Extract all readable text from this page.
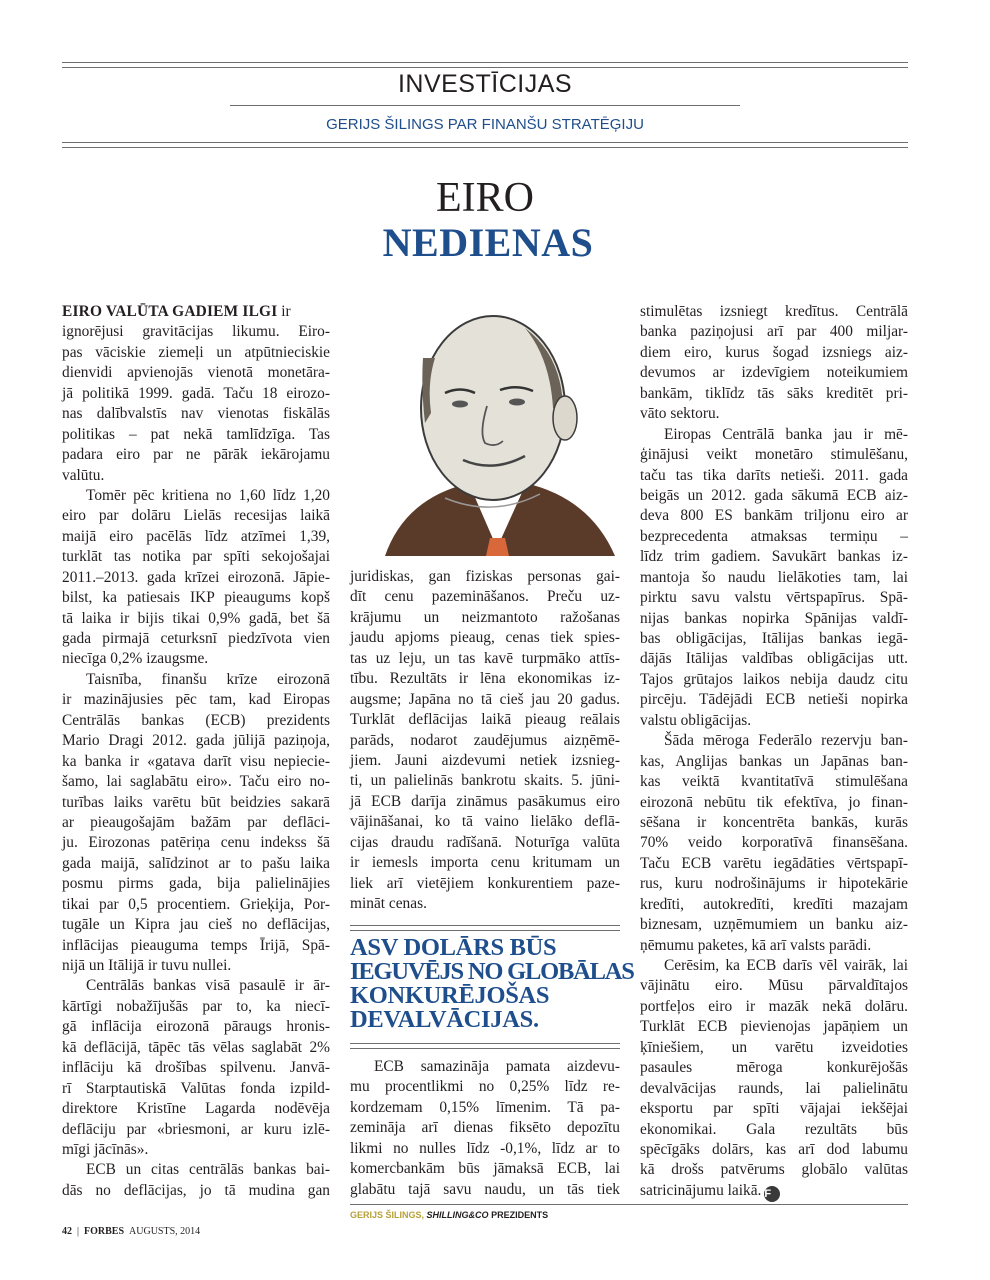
INVESTĪCIJAS
GERIJS ŠILINGS PAR FINANŠU STRATĒĢIJU
EIRO
NEDIENAS
EIRO VALŪTA GADIEM ILGI ir
ignorējusi gravitācijas likumu. Eiro-
pas vāciskie ziemeļi un atpūtnieciskie
dienvidi apvienojās vienotā monetāra-
jā politikā 1999. gadā. Taču 18 eirozo-
nas dalībvalstīs nav vienotas fiskālās
politikas – pat nekā tamlīdzīga. Tas
padara eiro par ne pārāk iekārojamu
valūtu.
Tomēr pēc kritiena no 1,60 līdz 1,20
eiro par dolāru Lielās recesijas laikā
maijā eiro pacēlās līdz atzīmei 1,39,
turklāt tas notika par spīti sekojošajai
2011.–2013. gada krīzei eirozonā. Jāpie-
bilst, ka patiesais IKP pieaugums kopš
tā laika ir bijis tikai 0,9% gadā, bet šā
gada pirmajā ceturksnī piedzīvota vien
niecīga 0,2% izaugsme.
Taisnība, finanšu krīze eirozonā
ir mazinājusies pēc tam, kad Eiropas
Centrālās bankas (ECB) prezidents
Mario Dragi 2012. gada jūlijā paziņoja,
ka banka ir «gatava darīt visu nepiecie-
šamo, lai saglabātu eiro». Taču eiro no-
turības laiks varētu būt beidzies sakarā
ar pieaugošajām bažām par deflāci-
ju. Eirozonas patēriņa cenu indekss šā
gada maijā, salīdzinot ar to pašu laika
posmu pirms gada, bija palielinājies
tikai par 0,5 procentiem. Grieķija, Por-
tugāle un Kipra jau cieš no deflācijas,
inflācijas pieauguma temps Īrijā, Spā-
nijā un Itālijā ir tuvu nullei.
Centrālās bankas visā pasaulē ir ār-
kārtīgi nobažījušās par to, ka niecī-
gā inflācija eirozonā pāraugs hronis-
kā deflācijā, tāpēc tās vēlas saglabāt 2%
inflāciju kā drošības spilvenu. Janvā-
rī Starptautiskā Valūtas fonda izpild-
direktore Kristīne Lagarda nodēvēja
deflāciju par «briesmoni, ar kuru izlē-
mīgi jācīnās».
ECB un citas centrālās bankas bai-
dās no deflācijas, jo tā mudina gan
juridiskas, gan fiziskas personas gai-
dīt cenu pazemināšanos. Preču uz-
krājumu un neizmantoto ražošanas
jaudu apjoms pieaug, cenas tiek spies-
tas uz leju, un tas kavē turpmāko attīs-
tību. Rezultāts ir lēna ekonomikas iz-
augsme; Japāna no tā cieš jau 20 gadus.
Turklāt deflācijas laikā pieaug reālais
parāds, nodarot zaudējumus aizņēmē-
jiem. Jauni aizdevumi netiek izsnieg-
ti, un palielinās bankrotu skaits. 5. jūni-
jā ECB darīja zināmus pasākumus eiro
vājināšanai, ko tā vaino lielāko deflā-
cijas draudu radīšanā. Noturīga valūta
ir iemesls importa cenu kritumam un
liek arī vietējiem konkurentiem paze-
mināt cenas.
ASV DOLĀRS BŪS
IEGUVĒJS NO GLOBĀLAS
KONKURĒJOŠAS
DEVALVĀCIJAS.
ECB samazināja pamata aizdevu-
mu procentlikmi no 0,25% līdz re-
kordzemam 0,15% līmenim. Tā pa-
zemināja arī dienas fiksēto depozītu
likmi no nulles līdz -0,1%, līdz ar to
komercbankām būs jāmaksā ECB, lai
glabātu tajā savu naudu, un tās tiek
stimulētas izsniegt kredītus. Centrālā
banka paziņojusi arī par 400 miljar-
diem eiro, kurus šogad izsniegs aiz-
devumos ar izdevīgiem noteikumiem
bankām, tiklīdz tās sāks kreditēt pri-
vāto sektoru.
Eiropas Centrālā banka jau ir mē-
ģinājusi veikt monetāro stimulēšanu,
taču tas tika darīts netieši. 2011. gada
beigās un 2012. gada sākumā ECB aiz-
deva 800 ES bankām triljonu eiro ar
bezprecedenta atmaksas termiņu –
līdz trim gadiem. Savukārt bankas iz-
mantoja šo naudu lielākoties tam, lai
pirktu savu valstu vērtspapīrus. Spā-
nijas bankas nopirka Spānijas valdī-
bas obligācijas, Itālijas bankas iegā-
dājās Itālijas valdības obligācijas utt.
Tajos grūtajos laikos nebija daudz citu
pircēju. Tādējādi ECB netieši nopirka
valstu obligācijas.
Šāda mēroga Federālo rezervju ban-
kas, Anglijas bankas un Japānas ban-
kas veiktā kvantitatīvā stimulēšana
eirozonā nebūtu tik efektīva, jo finan-
sēšana ir koncentrēta bankās, kurās
70% veido korporatīvā finansēšana.
Taču ECB varētu iegādāties vērtspapī-
rus, kuru nodrošinājums ir hipotekārie
kredīti, autokredīti, kredīti mazajam
biznesam, uzņēmumiem un banku aiz-
ņēmumu paketes, kā arī valsts parādi.
Cerēsim, ka ECB darīs vēl vairāk, lai
vājinātu eiro. Mūsu pārvaldītajos
portfeļos eiro ir mazāk nekā dolāru.
Turklāt ECB pievienojas japāņiem un
ķīniešiem, un varētu izveidoties
pasaules mēroga konkurējošās
devalvācijas raunds, lai palielinātu
eksportu par spīti vājajai iekšējai
ekonomikai. Gala rezultāts būs
spēcīgāks dolārs, kas arī dod labumu
kā drošs patvērums globālo valūtas
satricinājumu laikā. F
GERIJS ŠILINGS, SHILLING&CO PREZIDENTS
42 | FORBES AUGUSTS, 2014
